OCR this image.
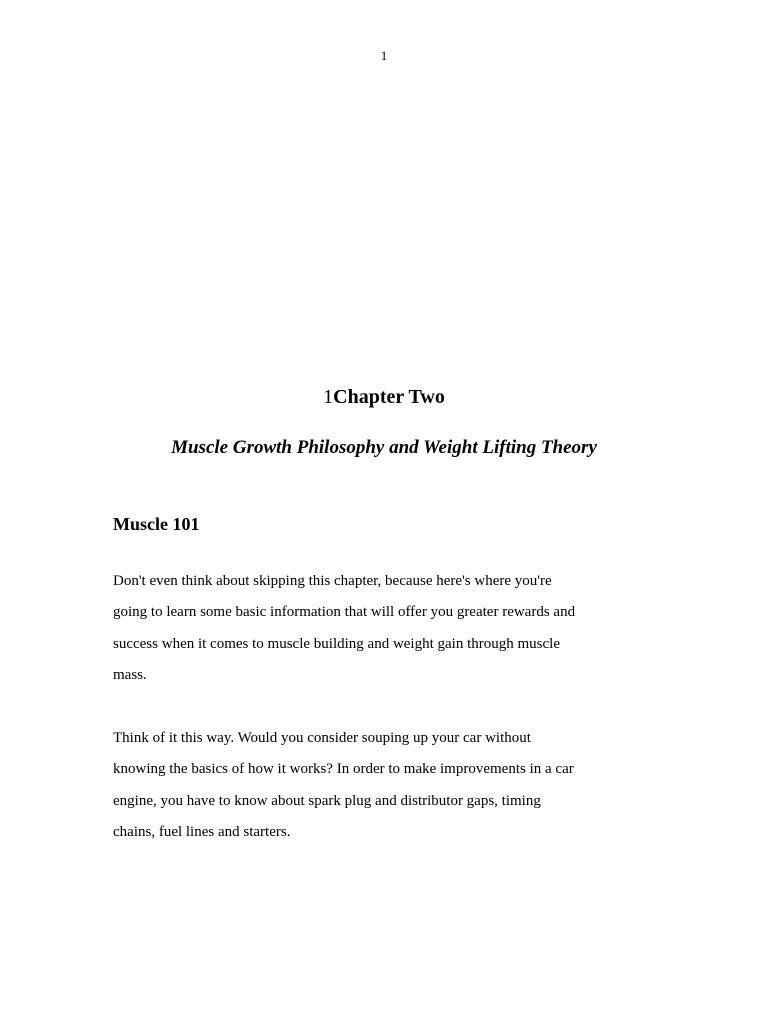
1
1Chapter Two
Muscle Growth Philosophy and Weight Lifting Theory
Muscle 101
Don't even think about skipping this chapter, because here's where you're
going to learn some basic information that will offer you greater rewards and
success when it comes to muscle building and weight gain through muscle
mass.
Think of it this way. Would you consider souping up your car without
knowing the basics of how it works? In order to make improvements in a car
engine, you have to know about spark plug and distributor gaps, timing
chains, fuel lines and starters.
